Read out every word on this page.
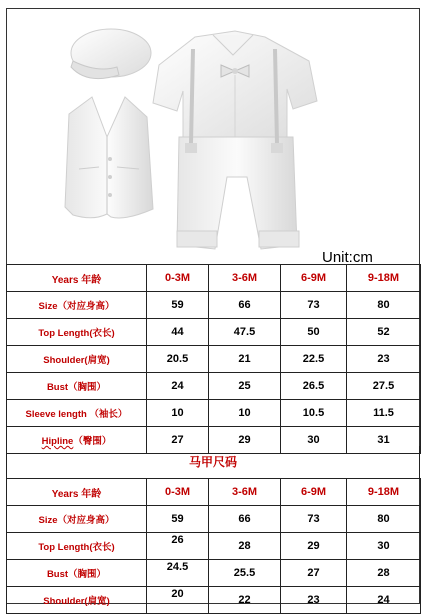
Unit:cm
Years 年龄	0-3M	3-6M	6-9M	9-18M
Size（对应身高）	59	66	73	80
Top Length(衣长)	44	47.5	50	52
Shoulder(肩宽)	20.5	21	22.5	23
Bust（胸围）	24	25	26.5	27.5
Sleeve length （袖长）	10	10	10.5	11.5
Hipline（臀围）	27	29	30	31
马甲尺码
Years 年龄	0-3M	3-6M	6-9M	9-18M
Size（对应身高）	59	66	73	80
Top Length(衣长)	26	28	29	30
Bust（胸围）	24.5	25.5	27	28
Shoulder(肩宽)	20	22	23	24
